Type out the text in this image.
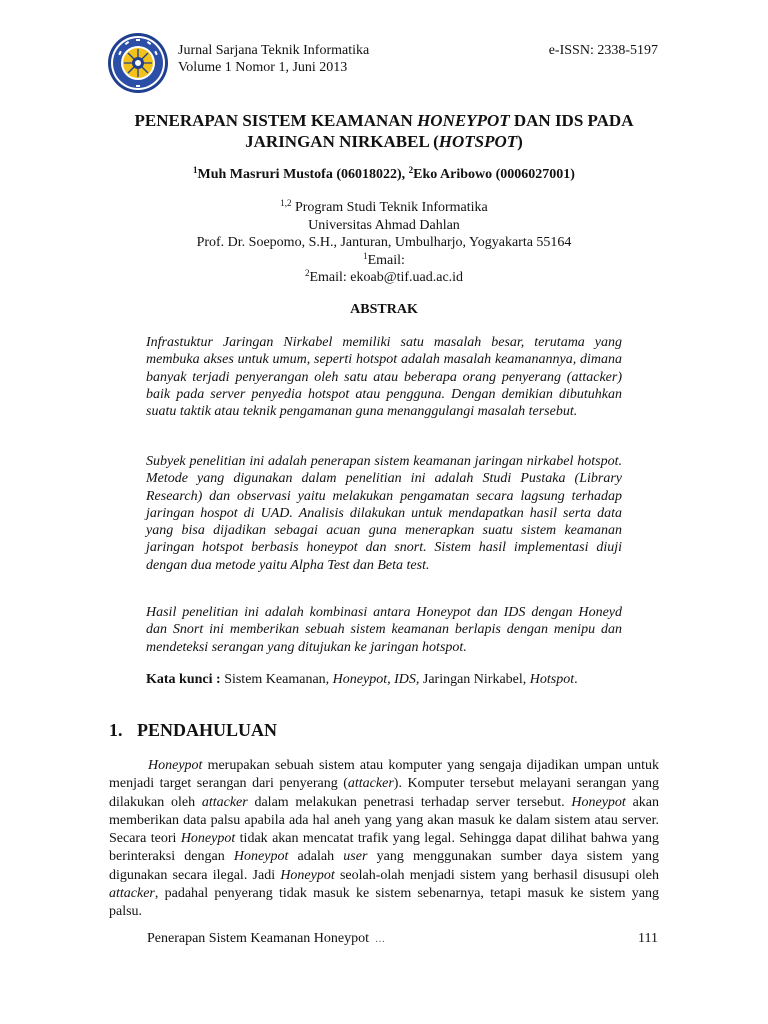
Jurnal Sarjana Teknik Informatika
Volume 1 Nomor 1, Juni 2013
e-ISSN: 2338-5197
PENERAPAN SISTEM KEAMANAN HONEYPOT DAN IDS PADA
JARINGAN NIRKABEL (HOTSPOT)
$^1$Muh Masruri Mustofa (06018022), $^2$Eko Aribowo (0006027001)
$^{1,2}$ Program Studi Teknik Informatika
Universitas Ahmad Dahlan
Prof. Dr. Soepomo, S.H., Janturan, Umbulharjo, Yogyakarta 55164
$^1$Email:
$^2$Email: ekoab@tif.uad.ac.id
ABSTRAK

Infrastuktur Jaringan Nirkabel memiliki satu masalah besar, terutama yang membuka akses untuk umum, seperti hotspot adalah masalah keamanannya, dimana banyak terjadi penyerangan oleh satu atau beberapa orang penyerang (attacker) baik pada server penyedia hotspot atau pengguna. Dengan demikian dibutuhkan suatu taktik atau teknik pengamanan guna menanggulangi masalah tersebut.

Subyek penelitian ini adalah penerapan sistem keamanan jaringan nirkabel hotspot. Metode yang digunakan dalam penelitian ini adalah Studi Pustaka (Library Research) dan observasi yaitu melakukan pengamatan secara lagsung terhadap jaringan hospot di UAD. Analisis dilakukan untuk mendapatkan hasil serta data yang bisa dijadikan sebagai acuan guna menerapkan suatu sistem keamanan jaringan hotspot berbasis honeypot dan snort. Sistem hasil implementasi diuji dengan dua metode yaitu Alpha Test dan Beta test.

Hasil penelitian ini adalah kombinasi antara Honeypot dan IDS dengan Honeyd dan Snort ini memberikan sebuah sistem keamanan berlapis dengan menipu dan mendeteksi serangan yang ditujukan ke jaringan hotspot.

Kata kunci : Sistem Keamanan, Honeypot, IDS, Jaringan Nirkabel, Hotspot.
1. PENDAHULUAN

Honeypot merupakan sebuah sistem atau komputer yang sengaja dijadikan umpan untuk menjadi target serangan dari penyerang (attacker). Komputer tersebut melayani serangan yang dilakukan oleh attacker dalam melakukan penetrasi terhadap server tersebut. Honeypot akan memberikan data palsu apabila ada hal aneh yang yang akan masuk ke dalam sistem atau server. Secara teori Honeypot tidak akan mencatat trafik yang legal. Sehingga dapat dilihat bahwa yang berinteraksi dengan Honeypot adalah user yang menggunakan sumber daya sistem yang digunakan secara ilegal. Jadi Honeypot seolah-olah menjadi sistem yang berhasil disusupi oleh attacker, padahal penyerang tidak masuk ke sistem sebenarnya, tetapi masuk ke sistem yang palsu.

Penerapan Sistem Keamanan Honeypot …	111
